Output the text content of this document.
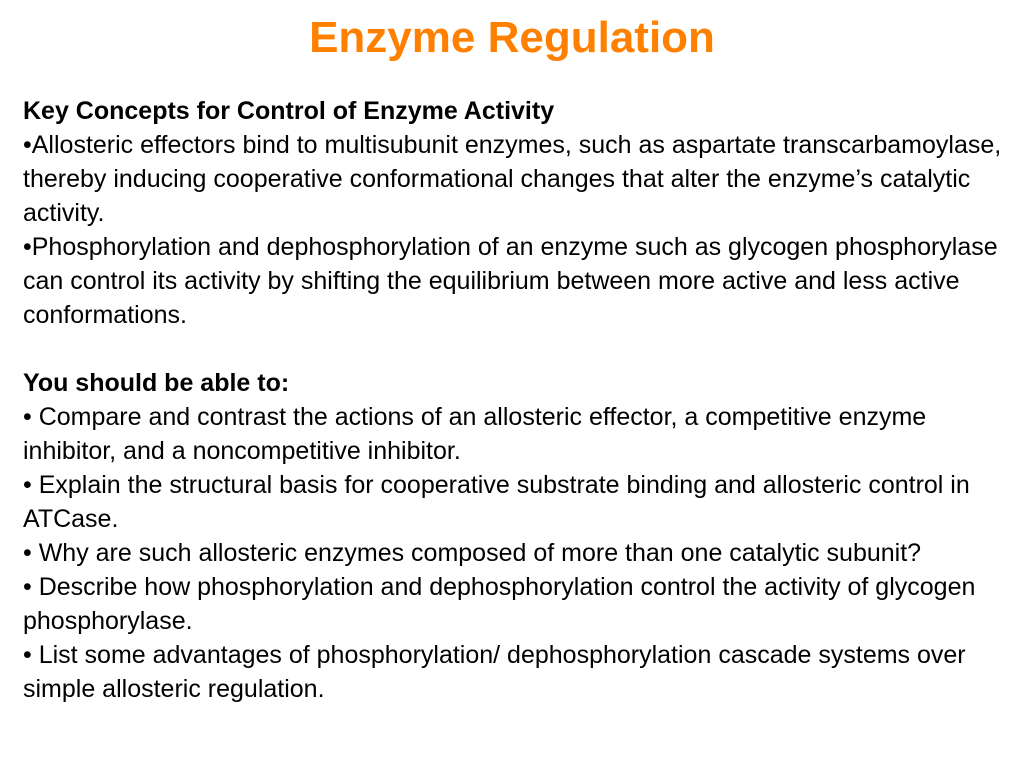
Enzyme Regulation

Key Concepts for Control of Enzyme Activity

•Allosteric effectors bind to multisubunit enzymes, such as aspartate transcarbamoylase, thereby inducing cooperative conformational changes that alter the enzyme’s catalytic activity.

•Phosphorylation and dephosphorylation of an enzyme such as glycogen phosphorylase can control its activity by shifting the equilibrium between more active and less active conformations.

You should be able to:

• Compare and contrast the actions of an allosteric effector, a competitive enzyme inhibitor, and a noncompetitive inhibitor.
• Explain the structural basis for cooperative substrate binding and allosteric control in ATCase.
• Why are such allosteric enzymes composed of more than one catalytic subunit?
• Describe how phosphorylation and dephosphorylation control the activity of glycogen phosphorylase.
• List some advantages of phosphorylation/ dephosphorylation cascade systems over simple allosteric regulation.
